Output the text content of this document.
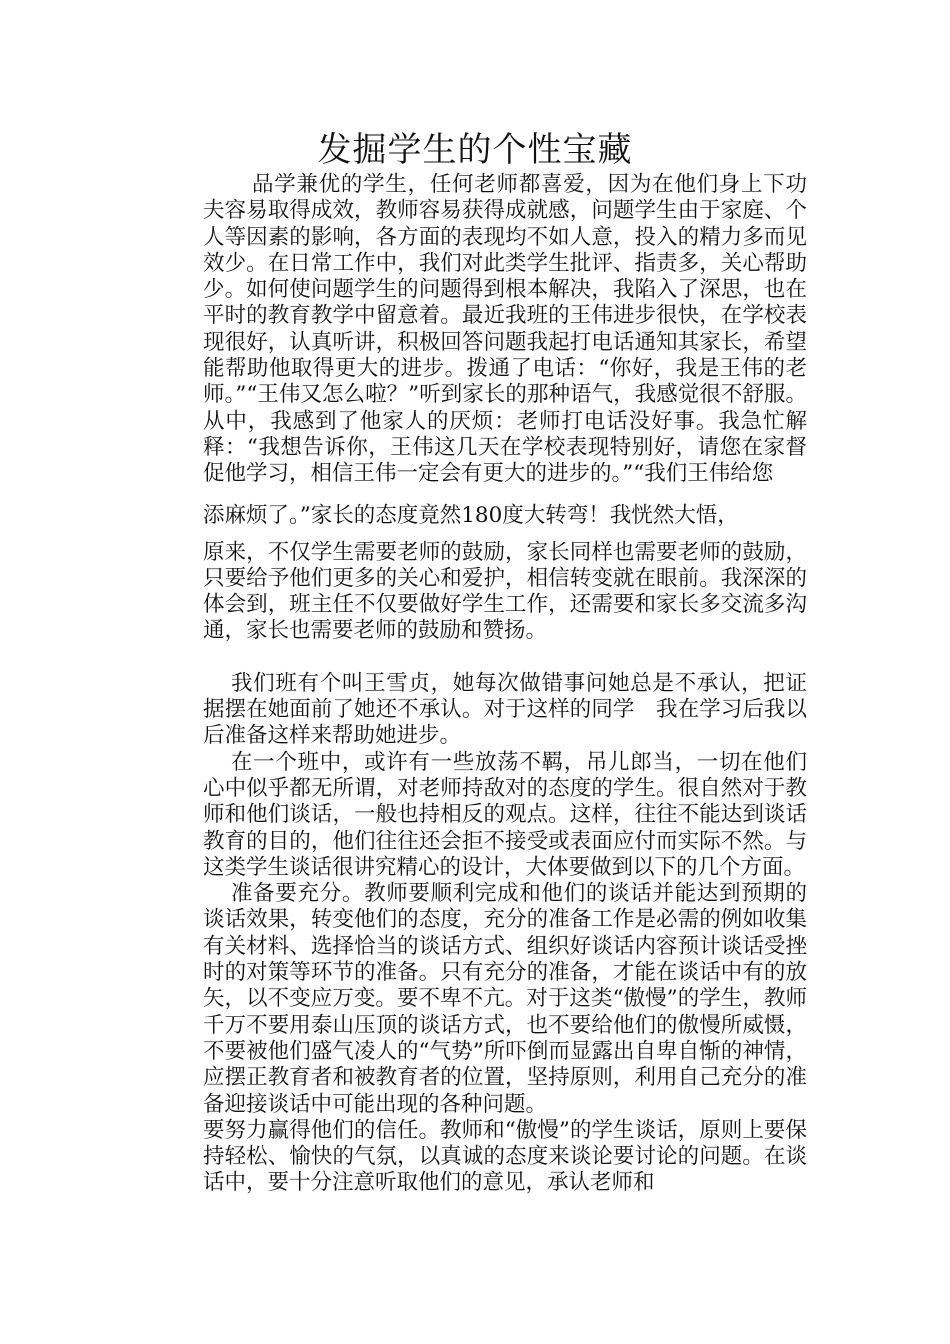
发掘学生的个性宝藏

品学兼优的学生，任何老师都喜爱，因为在他们身上下功夫容易取得成效，教师容易获得成就感，问题学生由于家庭、个人等因素的影响，各方面的表现均不如人意，投入的精力多而见效少。在日常工作中，我们对此类学生批评、指责多，关心帮助少。如何使问题学生的问题得到根本解决，我陷入了深思，也在平时的教育教学中留意着。最近我班的王伟进步很快，在学校表现很好，认真听讲，积极回答问题我起打电话通知其家长，希望能帮助他取得更大的进步。拨通了电话：“你好，我是王伟的老师。”“王伟又怎么啦？”听到家长的那种语气，我感觉很不舒服。从中，我感到了他家人的厌烦：老师打电话没好事。我急忙解释：“我想告诉你，王伟这几天在学校表现特别好，请您在家督促他学习，相信王伟一定会有更大的进步的。”“我们王伟给您

添麻烦了。”家长的态度竟然180度大转弯！我恍然大悟，

原来，不仅学生需要老师的鼓励，家长同样也需要老师的鼓励，只要给予他们更多的关心和爱护，相信转变就在眼前。我深深的体会到，班主任不仅要做好学生工作，还需要和家长多交流多沟通，家长也需要老师的鼓励和赞扬。

我们班有个叫王雪贞，她每次做错事问她总是不承认，把证据摆在她面前了她还不承认。对于这样的同学　我在学习后我以后准备这样来帮助她进步。

在一个班中，或许有一些放荡不羁，吊儿郎当，一切在他们心中似乎都无所谓，对老师持敌对的态度的学生。很自然对于教师和他们谈话，一般也持相反的观点。这样，往往不能达到谈话教育的目的，他们往往还会拒不接受或表面应付而实际不然。与这类学生谈话很讲究精心的设计，大体要做到以下的几个方面。

准备要充分。教师要顺利完成和他们的谈话并能达到预期的谈话效果，转变他们的态度，充分的准备工作是必需的例如收集有关材料、选择恰当的谈话方式、组织好谈话内容预计谈话受挫时的对策等环节的准备。只有充分的准备，才能在谈话中有的放矢，以不变应万变。要不卑不亢。对于这类“傲慢”的学生，教师千万不要用泰山压顶的谈话方式，也不要给他们的傲慢所威慑，不要被他们盛气凌人的“气势”所吓倒而显露出自卑自惭的神情，应摆正教育者和被教育者的位置，坚持原则，利用自己充分的准备迎接谈话中可能出现的各种问题。

要努力赢得他们的信任。教师和“傲慢”的学生谈话，原则上要保持轻松、愉快的气氛，以真诚的态度来谈论要讨论的问题。在谈话中，要十分注意听取他们的意见，承认老师和
